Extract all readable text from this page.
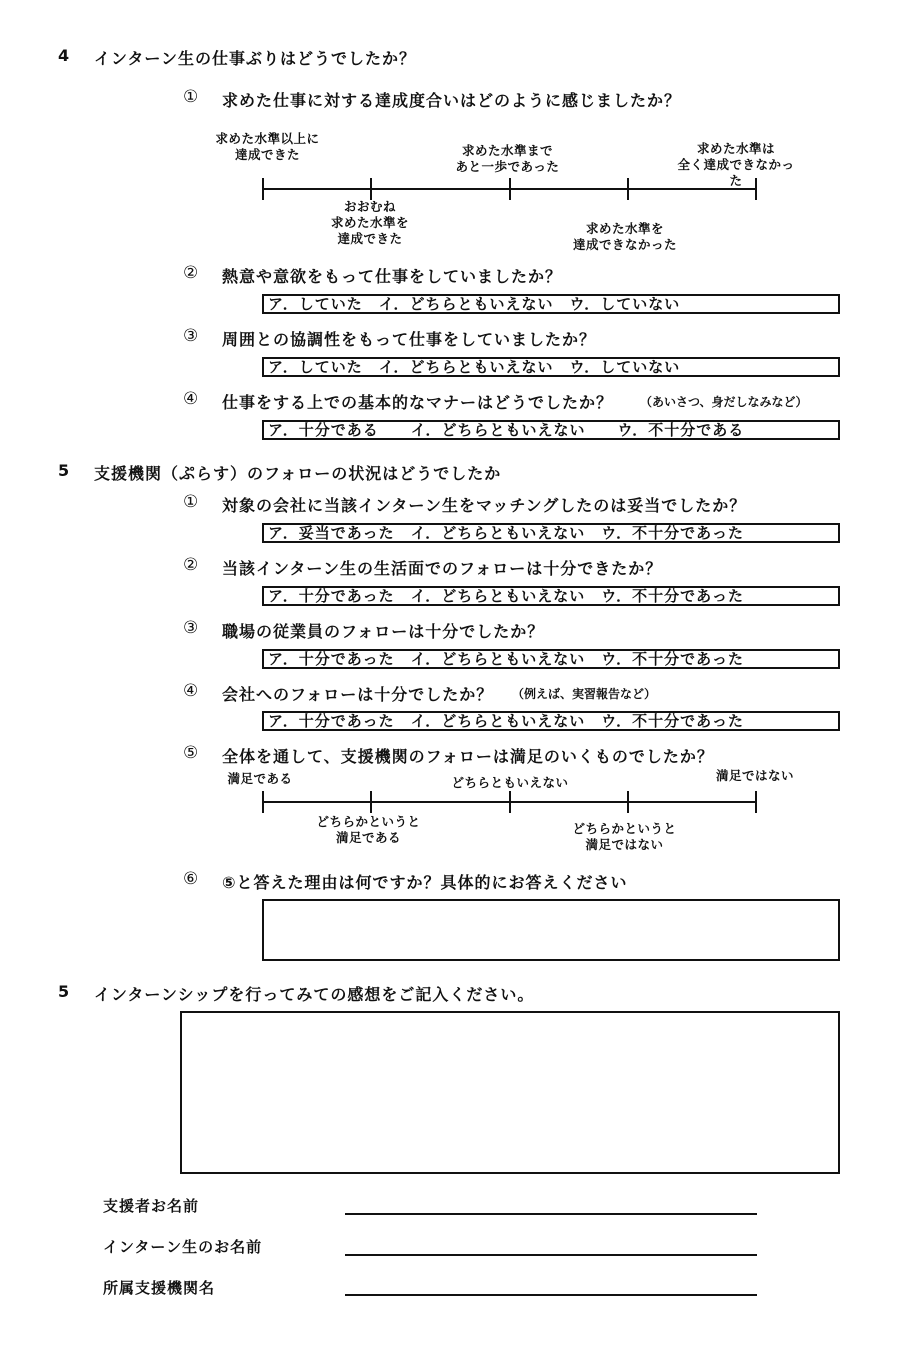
4 インターン生の仕事ぶりはどうでしたか？
① 求めた仕事に対する達成度合いはどのように感じましたか？
求めた水準以上に
達成できた	求めた水準まで
あと一歩であった
求めた水準は
全く達成できなかっ
た
おおむね
求めた水準を
達成できた
求めた水準を
達成できなかった
② 熱意や意欲をもって仕事をしていましたか？
ア．していた　イ．どちらともいえない　ウ．していない
③ 周囲との協調性をもって仕事をしていましたか？
ア．していた　イ．どちらともいえない　ウ．していない
④ 仕事をする上での基本的なマナーはどうでしたか？ （あいさつ、身だしなみなど）
ア．十分である　　イ．どちらともいえない　　ウ．不十分である
5 支援機関（ぷらす）のフォローの状況はどうでしたか
① 対象の会社に当該インターン生をマッチングしたのは妥当でしたか？
ア．妥当であった　イ．どちらともいえない　ウ．不十分であった
② 当該インターン生の生活面でのフォローは十分できたか？
ア．十分であった　イ．どちらともいえない　ウ．不十分であった
③ 職場の従業員のフォローは十分でしたか？
ア．十分であった　イ．どちらともいえない　ウ．不十分であった
④ 会社へのフォローは十分でしたか？ （例えば、実習報告など）
ア．十分であった　イ．どちらともいえない　ウ．不十分であった
⑤ 全体を通して、支援機関のフォローは満足のいくものでしたか？
満足である	どちらともいえない	満足ではない
どちらかというと
満足である
どちらかというと
満足ではない
⑥ ⑤と答えた理由は何ですか？具体的にお答えください
5 インターンシップを行ってみての感想をご記入ください。
支援者お名前
インターン生のお名前
所属支援機関名
